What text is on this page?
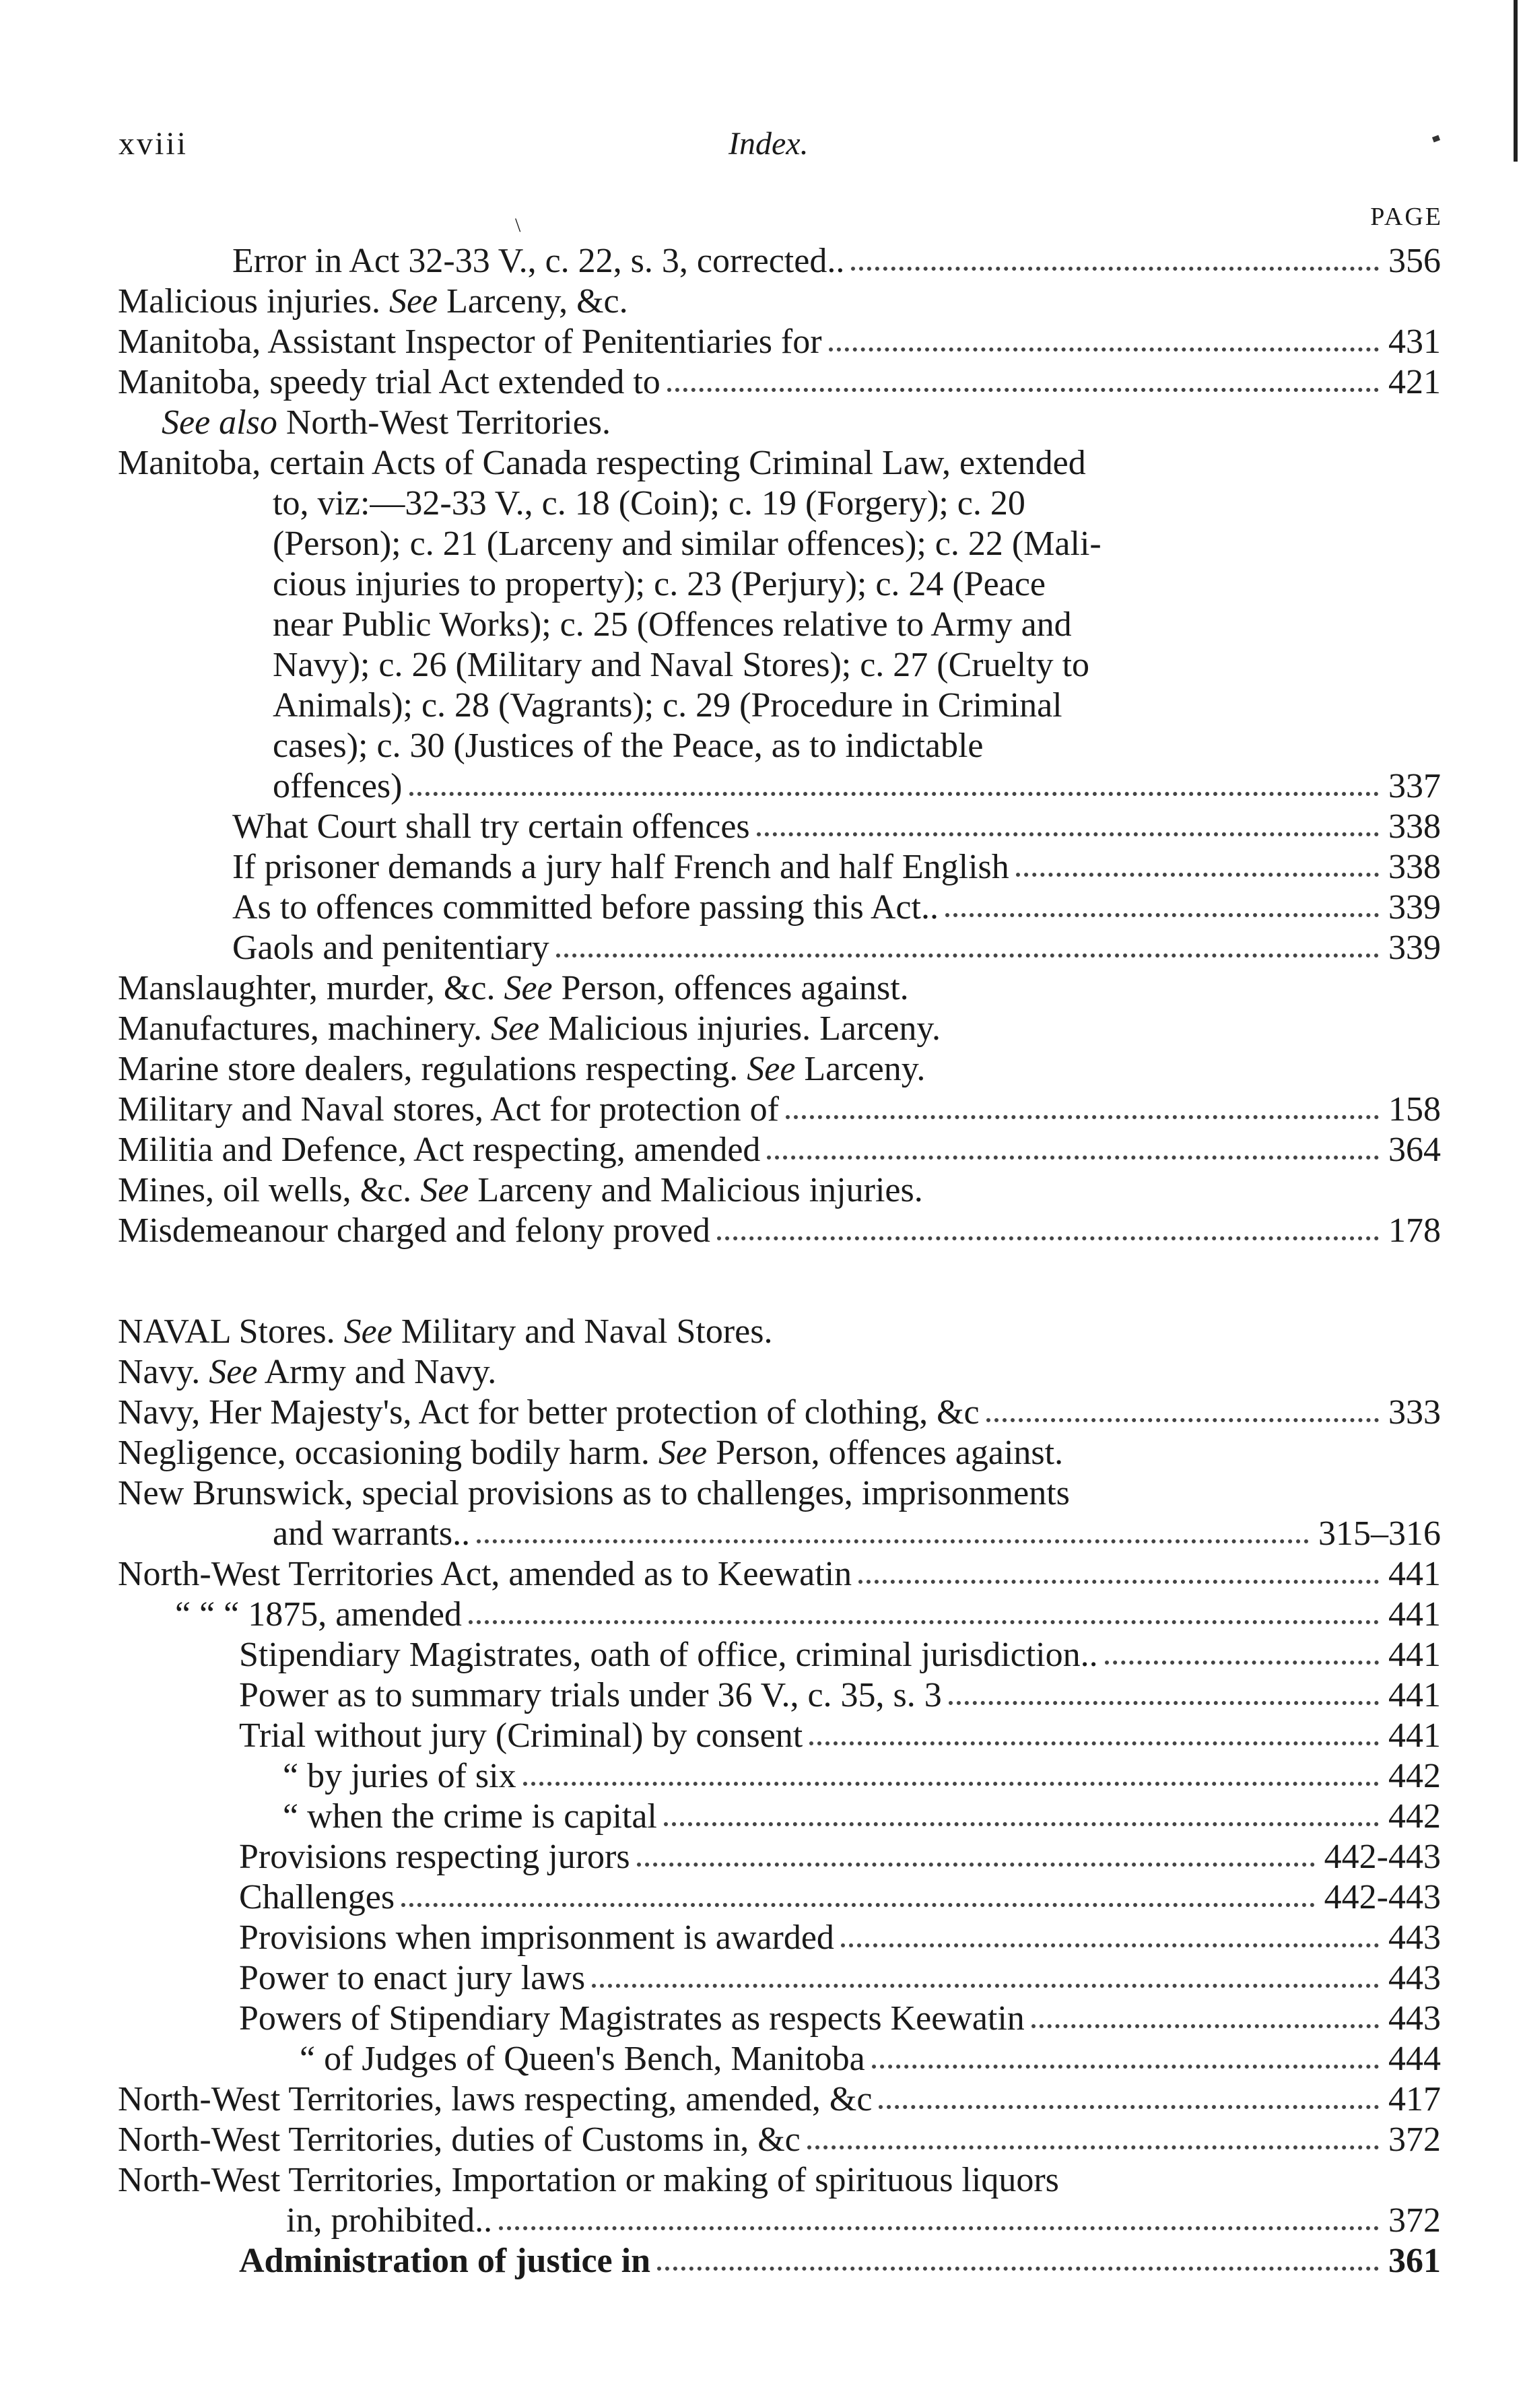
xviii	Index.
\	PAGE
Error in Act 32-33 V., c. 22, s. 3, corrected..	356
Malicious injuries. See Larceny, &c.
Manitoba, Assistant Inspector of Penitentiaries for	431
Manitoba, speedy trial Act extended to	421
See also North-West Territories.
Manitoba, certain Acts of Canada respecting Criminal Law, extended
to, viz:—32-33 V., c. 18 (Coin); c. 19 (Forgery); c. 20
(Person); c. 21 (Larceny and similar offences); c. 22 (Mali-
cious injuries to property); c. 23 (Perjury); c. 24 (Peace
near Public Works); c. 25 (Offences relative to Army and
Navy); c. 26 (Military and Naval Stores); c. 27 (Cruelty to
Animals); c. 28 (Vagrants); c. 29 (Procedure in Criminal
cases); c. 30 (Justices of the Peace, as to indictable
offences)	337
What Court shall try certain offences	338
If prisoner demands a jury half French and half English	338
As to offences committed before passing this Act..	339
Gaols and penitentiary	339
Manslaughter, murder, &c. See Person, offences against.
Manufactures, machinery. See Malicious injuries. Larceny.
Marine store dealers, regulations respecting. See Larceny.
Military and Naval stores, Act for protection of	158
Militia and Defence, Act respecting, amended	364
Mines, oil wells, &c. See Larceny and Malicious injuries.
Misdemeanour charged and felony proved	178
NAVAL Stores. See Military and Naval Stores.
Navy. See Army and Navy.
Navy, Her Majesty's, Act for better protection of clothing, &c	333
Negligence, occasioning bodily harm. See Person, offences against.
New Brunswick, special provisions as to challenges, imprisonments
and warrants..	315–316
North-West Territories Act, amended as to Keewatin	441
“ “ “ 1875, amended	441
Stipendiary Magistrates, oath of office, criminal jurisdiction..	441
Power as to summary trials under 36 V., c. 35, s. 3	441
Trial without jury (Criminal) by consent	441
“ by juries of six	442
“ when the crime is capital	442
Provisions respecting jurors	442-443
Challenges	442-443
Provisions when imprisonment is awarded	443
Power to enact jury laws	443
Powers of Stipendiary Magistrates as respects Keewatin	443
“ of Judges of Queen's Bench, Manitoba	444
North-West Territories, laws respecting, amended, &c	417
North-West Territories, duties of Customs in, &c	372
North-West Territories, Importation or making of spirituous liquors
in, prohibited..	372
Administration of justice in	361
